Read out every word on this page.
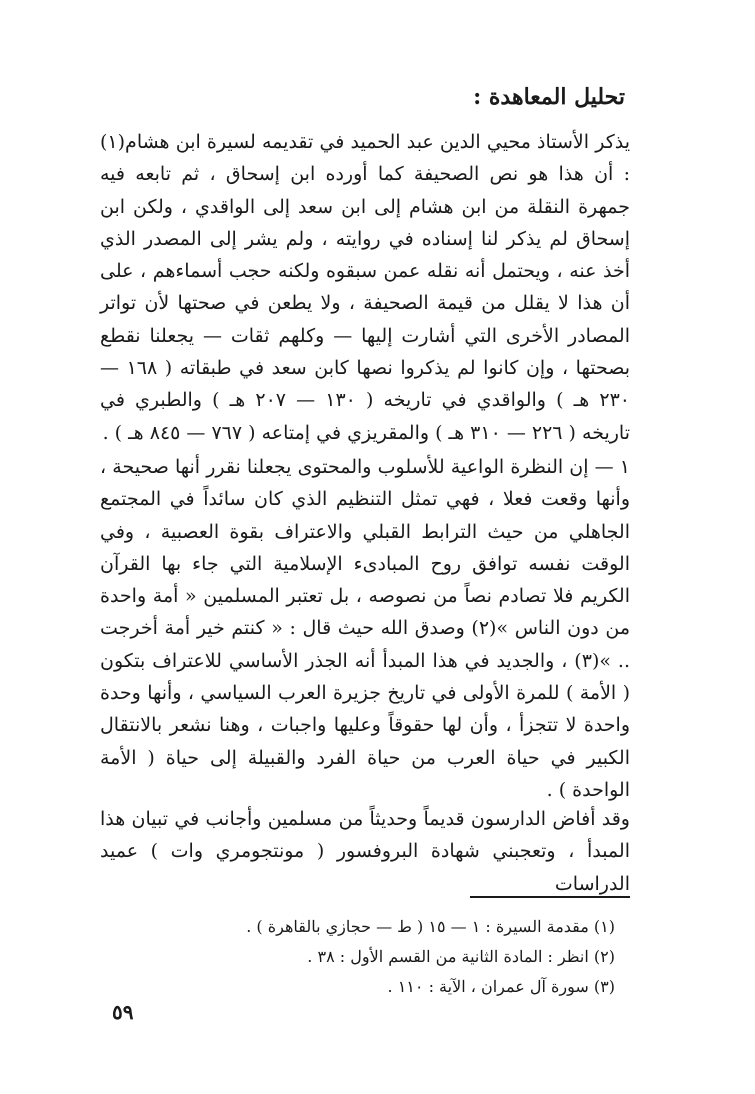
تحليل المعاهدة :

يذكر الأستاذ محيي الدين عبد الحميد في تقديمه لسيرة ابن هشام(١) : أن هذا هو نص الصحيفة كما أورده ابن إسحاق ، ثم تابعه فيه جمهرة النقلة من ابن هشام إلى ابن سعد إلى الواقدي ، ولكن ابن إسحاق لم يذكر لنا إسناده في روايته ، ولم يشر إلى المصدر الذي أخذ عنه ، ويحتمل أنه نقله عمن سبقوه ولكنه حجب أسماءهم ، على أن هذا لا يقلل من قيمة الصحيفة ، ولا يطعن في صحتها لأن تواتر المصادر الأخرى التي أشارت إليها — وكلهم ثقات — يجعلنا نقطع بصحتها ، وإن كانوا لم يذكروا نصها كابن سعد في طبقاته ( ١٦٨ — ٢٣٠ هـ ) والواقدي في تاريخه ( ١٣٠ — ٢٠٧ هـ ) والطبري في تاريخه ( ٢٢٦ — ٣١٠ هـ ) والمقريزي في إمتاعه ( ٧٦٧ — ٨٤٥ هـ ) .

١ — إن النظرة الواعية للأسلوب والمحتوى يجعلنا نقرر أنها صحيحة ، وأنها وقعت فعلا ، فهي تمثل التنظيم الذي كان سائداً في المجتمع الجاهلي من حيث الترابط القبلي والاعتراف بقوة العصبية ، وفي الوقت نفسه توافق روح المبادىء الإسلامية التي جاء بها القرآن الكريم فلا تصادم نصاً من نصوصه ، بل تعتبر المسلمين « أمة واحدة من دون الناس »(٢) وصدق الله حيث قال : « كنتم خير أمة أخرجت .. »(٣) ، والجديد في هذا المبدأ أنه الجذر الأساسي للاعتراف بتكون ( الأمة ) للمرة الأولى في تاريخ جزيرة العرب السياسي ، وأنها وحدة واحدة لا تتجزأ ، وأن لها حقوقاً وعليها واجبات ، وهنا نشعر بالانتقال الكبير في حياة العرب من حياة الفرد والقبيلة إلى حياة ( الأمة الواحدة ) .

وقد أفاض الدارسون قديماً وحديثاً من مسلمين وأجانب في تبيان هذا المبدأ ، وتعجبني شهادة البروفسور ( مونتجومري وات ) عميد الدراسات

(١) مقدمة السيرة : ١ — ١٥ ( ط — حجازي بالقاهرة ) .
(٢) انظر : المادة الثانية من القسم الأول : ٣٨ .
(٣) سورة آل عمران ، الآية : ١١٠ .
٥٩
